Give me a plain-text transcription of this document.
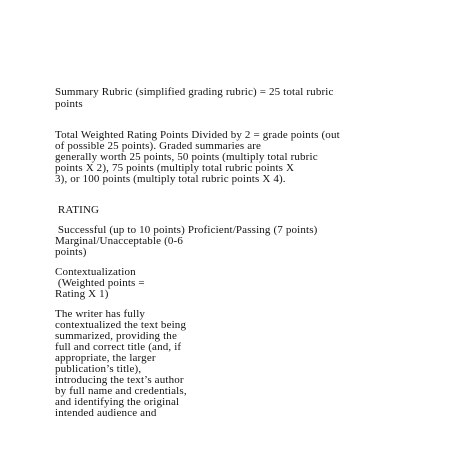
Summary Rubric (simplified grading rubric) = 25 total rubric
points
Total Weighted Rating Points Divided by 2 = grade points (out
of possible 25 points). Graded summaries are
generally worth 25 points, 50 points (multiply total rubric
points X 2), 75 points (multiply total rubric points X
3), or 100 points (multiply total rubric points X 4).
RATING
Successful (up to 10 points) Proficient/Passing (7 points)
Marginal/Unacceptable (0-6
points)
Contextualization
(Weighted points =
Rating X 1)
The writer has fully
contextualized the text being
summarized, providing the
full and correct title (and, if
appropriate, the larger
publication’s title),
introducing the text’s author
by full name and credentials,
and identifying the original
intended audience and
